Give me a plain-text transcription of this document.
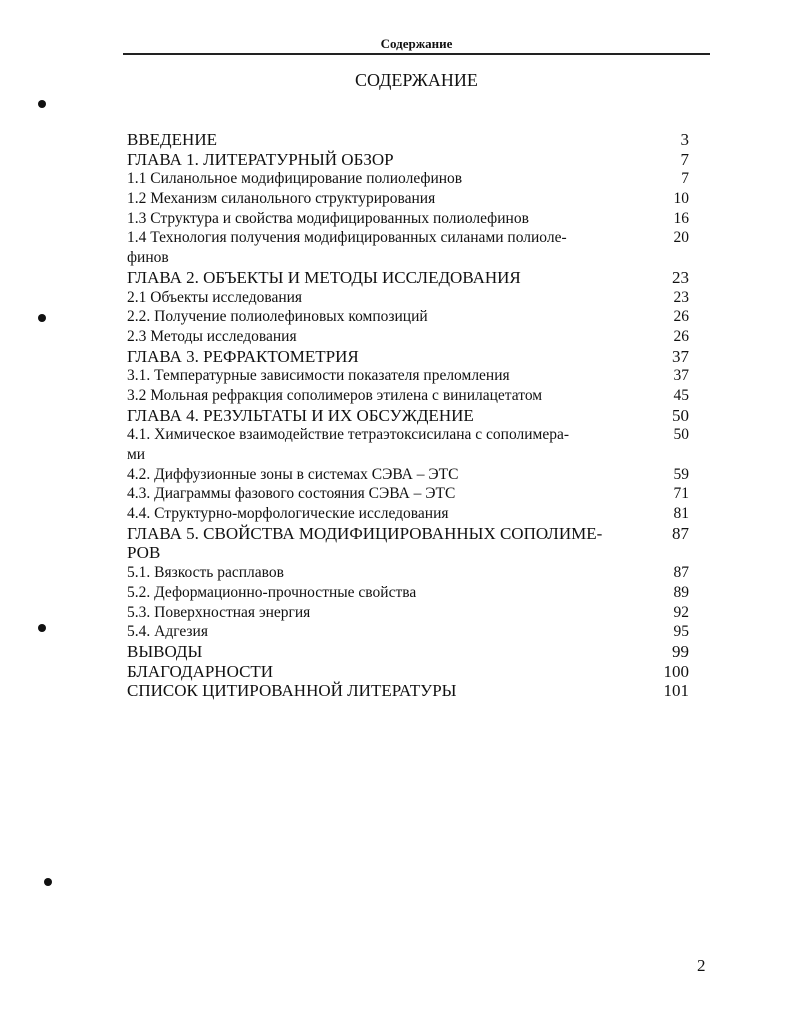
Содержание
СОДЕРЖАНИЕ
ВВЕДЕНИЕ	3
ГЛАВА 1. ЛИТЕРАТУРНЫЙ ОБЗОР	7
1.1 Силанольное модифицирование полиолефинов	7
1.2 Механизм силанольного структурирования	10
1.3 Структура и свойства модифицированных полиолефинов	16
1.4 Технология получения модифицированных силанами полиоле-	20
финов
ГЛАВА 2. ОБЪЕКТЫ И МЕТОДЫ ИССЛЕДОВАНИЯ	23
2.1 Объекты исследования	23
2.2. Получение полиолефиновых композиций	26
2.3 Методы исследования	26
ГЛАВА 3. РЕФРАКТОМЕТРИЯ	37
3.1. Температурные зависимости показателя преломления	37
3.2 Мольная рефракция сополимеров этилена с винилацетатом	45
ГЛАВА 4. РЕЗУЛЬТАТЫ И ИХ ОБСУЖДЕНИЕ	50
4.1. Химическое взаимодействие тетраэтоксисилана с сополимера-	50
ми
4.2. Диффузионные зоны в системах СЭВА – ЭТС	59
4.3. Диаграммы фазового состояния СЭВА – ЭТС	71
4.4. Структурно-морфологические исследования	81
ГЛАВА 5. СВОЙСТВА МОДИФИЦИРОВАННЫХ СОПОЛИМЕ-	87
РОВ
5.1. Вязкость расплавов	87
5.2. Деформационно-прочностные свойства	89
5.3. Поверхностная энергия	92
5.4. Адгезия	95
ВЫВОДЫ	99
БЛАГОДАРНОСТИ	100
СПИСОК ЦИТИРОВАННОЙ ЛИТЕРАТУРЫ	101
2
